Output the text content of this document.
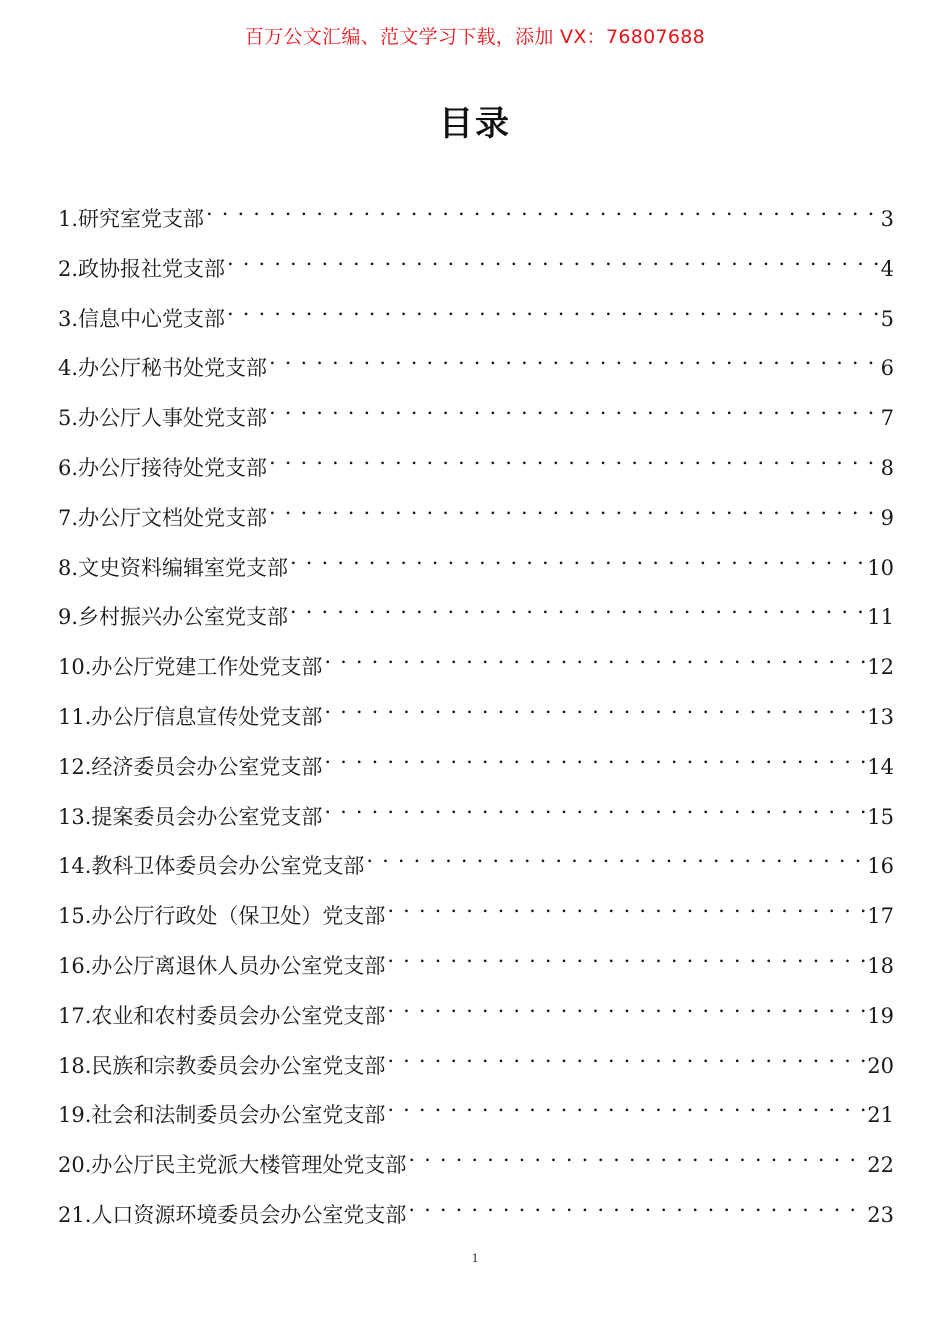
百万公文汇编、范文学习下载，添加 VX：76807688
目录
1.研究室党支部 . . .	3
2.政协报社党支部 . . .	4
3.信息中心党支部 . . .	5
4.办公厅秘书处党支部 . . .	6
5.办公厅人事处党支部 . . .	7
6.办公厅接待处党支部 . . .	8
7.办公厅文档处党支部 . . .	9
8.文史资料编辑室党支部 . . .	10
9.乡村振兴办公室党支部 . . .	11
10.办公厅党建工作处党支部 . . .	12
11.办公厅信息宣传处党支部 . . .	13
12.经济委员会办公室党支部 . . .	14
13.提案委员会办公室党支部 . . .	15
14.教科卫体委员会办公室党支部 . . .	16
15.办公厅行政处（保卫处）党支部 . . .	17
16.办公厅离退休人员办公室党支部 . . .	18
17.农业和农村委员会办公室党支部 . . .	19
18.民族和宗教委员会办公室党支部 . . .	20
19.社会和法制委员会办公室党支部 . . .	21
20.办公厅民主党派大楼管理处党支部 . . .	22
21.人口资源环境委员会办公室党支部 . . .	23
1
